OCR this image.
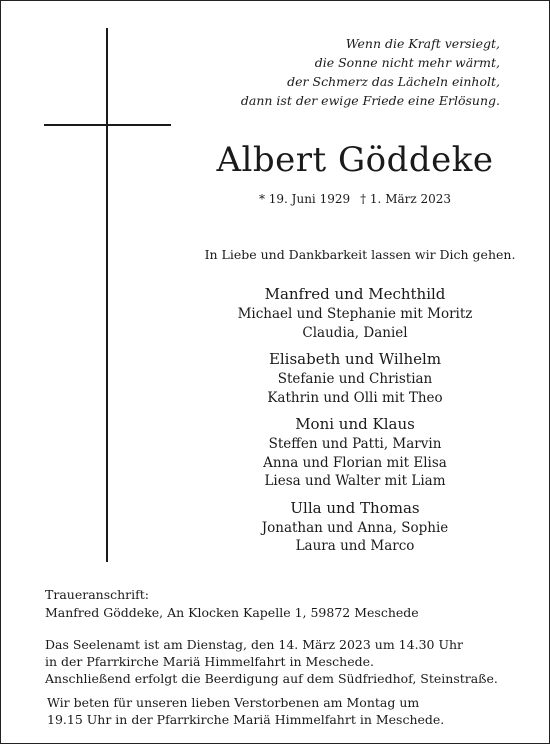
Wenn die Kraft versiegt,
die Sonne nicht mehr wärmt,
der Schmerz das Lächeln einholt,
dann ist der ewige Friede eine Erlösung.
Albert Göddeke
* 19. Juni 1929 † 1. März 2023
In Liebe und Dankbarkeit lassen wir Dich gehen.
Manfred und Mechthild
Michael und Stephanie mit Moritz
Claudia, Daniel
Elisabeth und Wilhelm
Stefanie und Christian
Kathrin und Olli mit Theo
Moni und Klaus
Steffen und Patti, Marvin
Anna und Florian mit Elisa
Liesa und Walter mit Liam
Ulla und Thomas
Jonathan und Anna, Sophie
Laura und Marco
Traueranschrift:
Manfred Göddeke, An Klocken Kapelle 1, 59872 Meschede
Das Seelenamt ist am Dienstag, den 14. März 2023 um 14.30 Uhr
in der Pfarrkirche Mariä Himmelfahrt in Meschede.
Anschließend erfolgt die Beerdigung auf dem Südfriedhof, Steinstraße.
Wir beten für unseren lieben Verstorbenen am Montag um
19.15 Uhr in der Pfarrkirche Mariä Himmelfahrt in Meschede.
